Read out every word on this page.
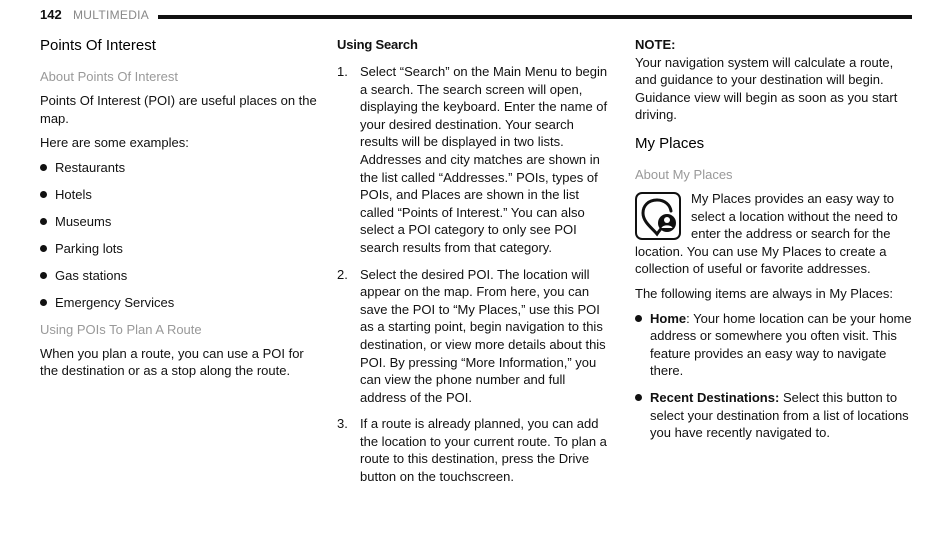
142 MULTIMEDIA
Points Of Interest
About Points Of Interest

Points Of Interest (POI) are useful places on the map.

Here are some examples:

Restaurants
Hotels
Museums
Parking lots
Gas stations
Emergency Services
Using POIs To Plan A Route

When you plan a route, you can use a POI for the destination or as a stop along the route.

Using Search
1. Select “Search” on the Main Menu to begin a search. The search screen will open, displaying the keyboard. Enter the name of your desired destination. Your search results will be displayed in two lists. Addresses and city matches are shown in the list called “Addresses.” POIs, types of POIs, and Places are shown in the list called “Points of Interest.” You can also select a POI category to only see POI search results from that category.
2. Select the desired POI. The location will appear on the map. From here, you can save the POI to “My Places,” use this POI as a starting point, begin navigation to this destination, or view more details about this POI. By pressing “More Information,” you can view the phone number and full address of the POI.
3. If a route is already planned, you can add the location to your current route. To plan a route to this destination, press the Drive button on the touchscreen.

NOTE:

Your navigation system will calculate a route, and guidance to your destination will begin. Guidance view will begin as soon as you start driving.

My Places
About My Places

My Places provides an easy way to select a location without the need to enter the address or search for the location. You can use My Places to create a collection of useful or favorite addresses.

The following items are always in My Places:

Home: Your home location can be your home address or somewhere you often visit. This feature provides an easy way to navigate there.
Recent Destinations: Select this button to select your destination from a list of locations you have recently navigated to.
